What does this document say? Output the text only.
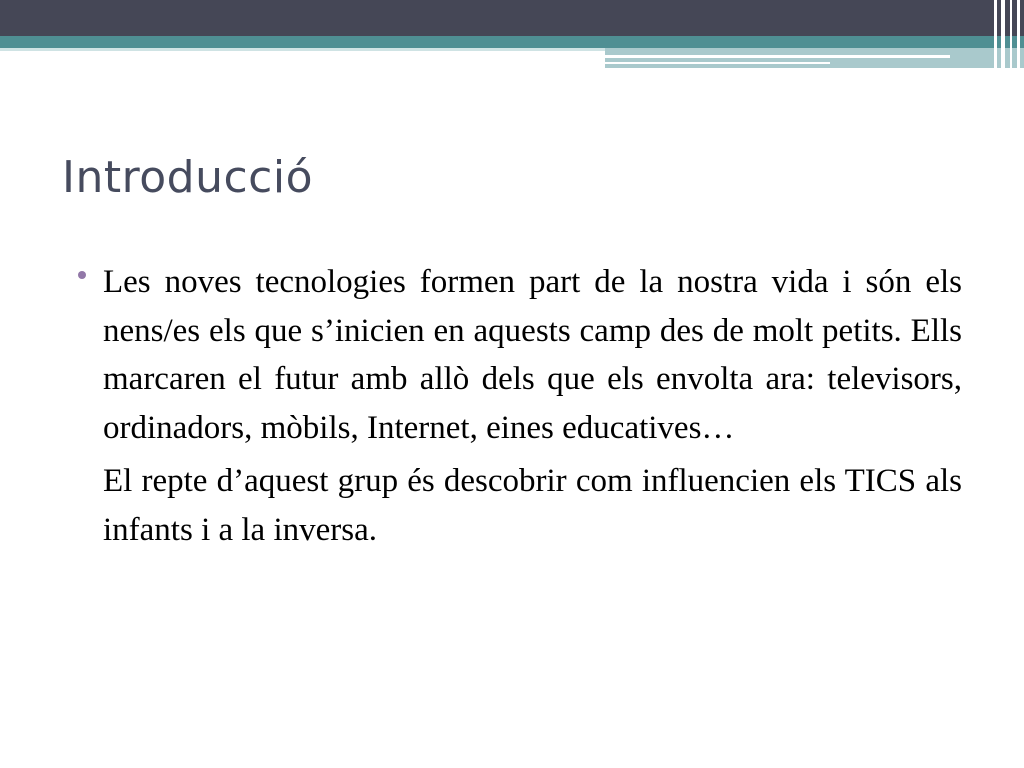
Introducció

Les noves tecnologies formen part de la nostra vida i són els nens/es els que s’inicien en aquests camp des de molt petits. Ells marcaren el futur amb allò dels que els envolta ara: televisors, ordinadors, mòbils, Internet, eines educatives…

El repte d’aquest grup és descobrir com influencien els TICS als infants i a la inversa.
